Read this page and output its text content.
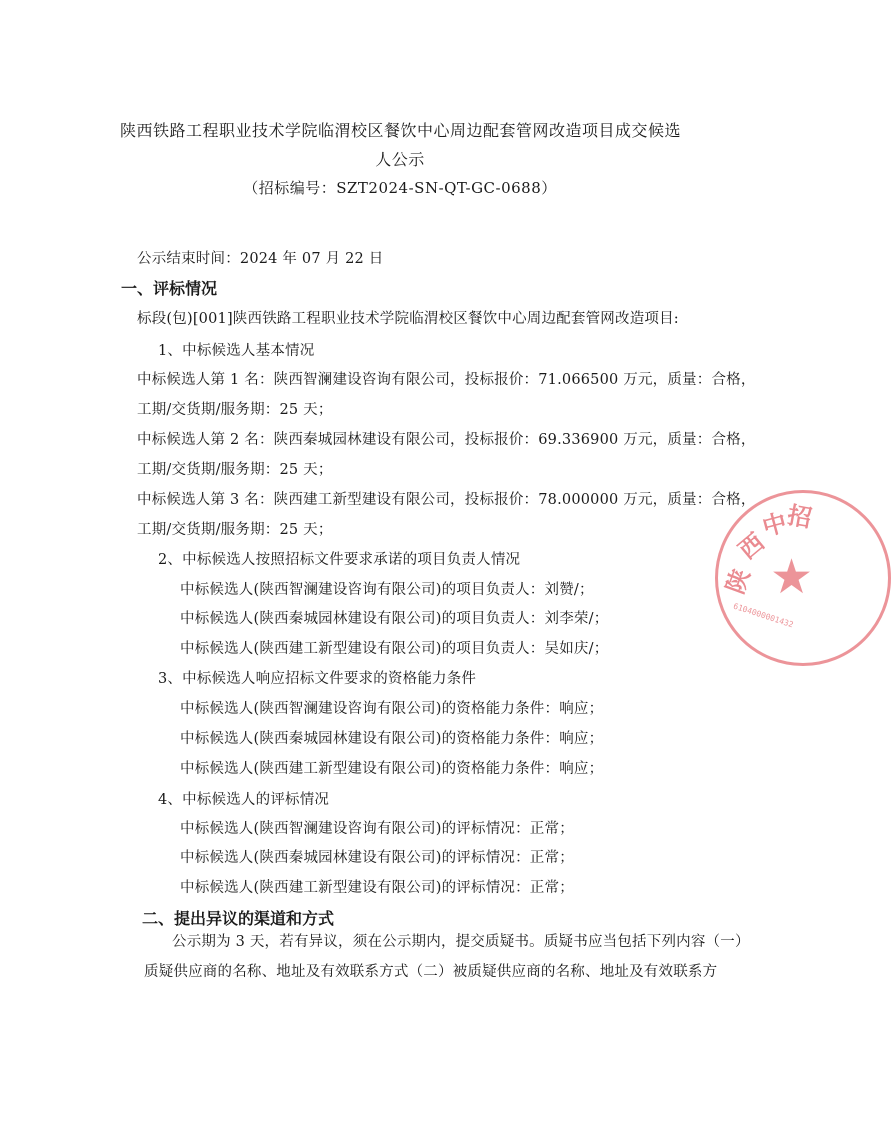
陕西铁路工程职业技术学院临渭校区餐饮中心周边配套管网改造项目成交候选
人公示
（招标编号：SZT2024-SN-QT-GC-0688）
公示结束时间：2024 年 07 月 22 日
一、评标情况
标段(包)[001]陕西铁路工程职业技术学院临渭校区餐饮中心周边配套管网改造项目:
1、中标候选人基本情况
中标候选人第 1 名：陕西智澜建设咨询有限公司，投标报价：71.066500 万元，质量：合格，
工期/交货期/服务期：25 天；
中标候选人第 2 名：陕西秦城园林建设有限公司，投标报价：69.336900 万元，质量：合格，
工期/交货期/服务期：25 天；
中标候选人第 3 名：陕西建工新型建设有限公司，投标报价：78.000000 万元，质量：合格，
工期/交货期/服务期：25 天；
2、中标候选人按照招标文件要求承诺的项目负责人情况
中标候选人(陕西智澜建设咨询有限公司)的项目负责人：刘赞/；
中标候选人(陕西秦城园林建设有限公司)的项目负责人：刘李荣/；
中标候选人(陕西建工新型建设有限公司)的项目负责人：吴如庆/；
3、中标候选人响应招标文件要求的资格能力条件
中标候选人(陕西智澜建设咨询有限公司)的资格能力条件：响应；
中标候选人(陕西秦城园林建设有限公司)的资格能力条件：响应；
中标候选人(陕西建工新型建设有限公司)的资格能力条件：响应；
4、中标候选人的评标情况
中标候选人(陕西智澜建设咨询有限公司)的评标情况：正常；
中标候选人(陕西秦城园林建设有限公司)的评标情况：正常；
中标候选人(陕西建工新型建设有限公司)的评标情况：正常；
二、提出异议的渠道和方式
公示期为 3 天，若有异议，须在公示期内，提交质疑书。质疑书应当包括下列内容（一）
质疑供应商的名称、地址及有效联系方式（二）被质疑供应商的名称、地址及有效联系方
陕
西
中
招
★
6104000001432
